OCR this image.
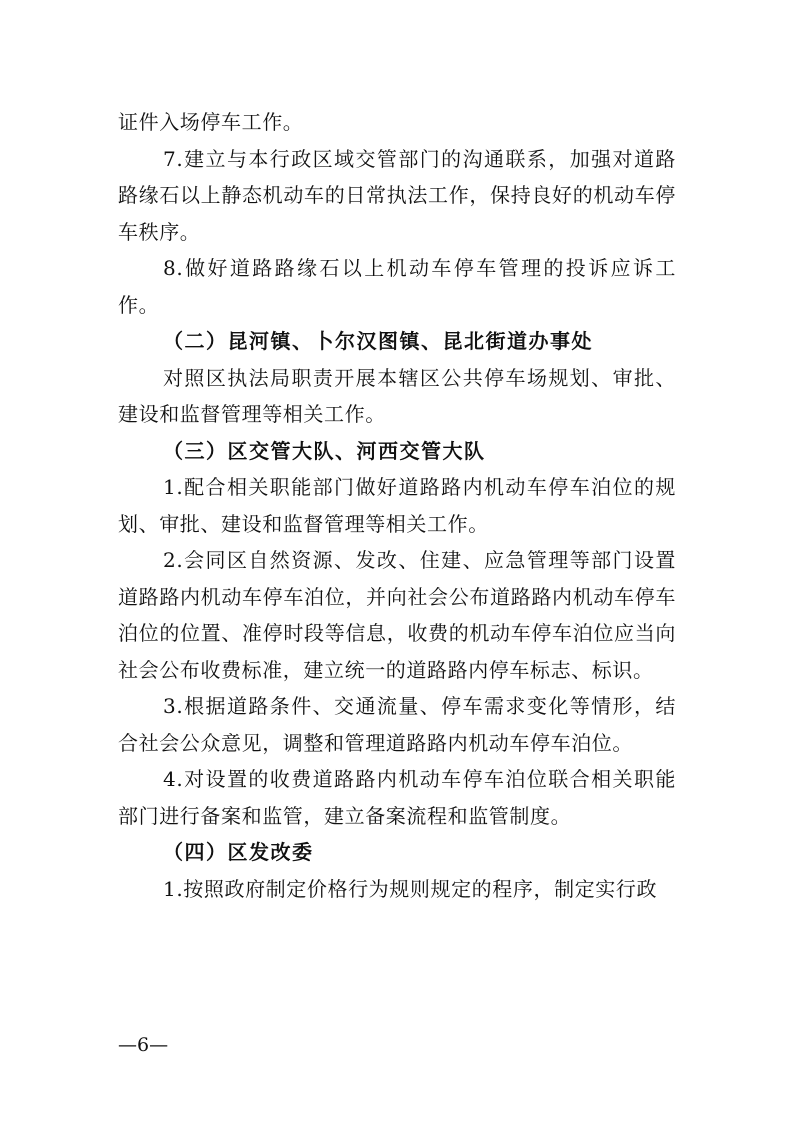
证件入场停车工作。

7.建立与本行政区域交管部门的沟通联系，加强对道路路缘石以上静态机动车的日常执法工作，保持良好的机动车停车秩序。

8.做好道路路缘石以上机动车停车管理的投诉应诉工作。

（二）昆河镇、卜尔汉图镇、昆北街道办事处

对照区执法局职责开展本辖区公共停车场规划、审批、建设和监督管理等相关工作。

（三）区交管大队、河西交管大队

1.配合相关职能部门做好道路路内机动车停车泊位的规划、审批、建设和监督管理等相关工作。

2.会同区自然资源、发改、住建、应急管理等部门设置道路路内机动车停车泊位，并向社会公布道路路内机动车停车泊位的位置、准停时段等信息，收费的机动车停车泊位应当向社会公布收费标准，建立统一的道路路内停车标志、标识。

3.根据道路条件、交通流量、停车需求变化等情形，结合社会公众意见，调整和管理道路路内机动车停车泊位。

4.对设置的收费道路路内机动车停车泊位联合相关职能部门进行备案和监管，建立备案流程和监管制度。

（四）区发改委

1.按照政府制定价格行为规则规定的程序，制定实行政

—6—
